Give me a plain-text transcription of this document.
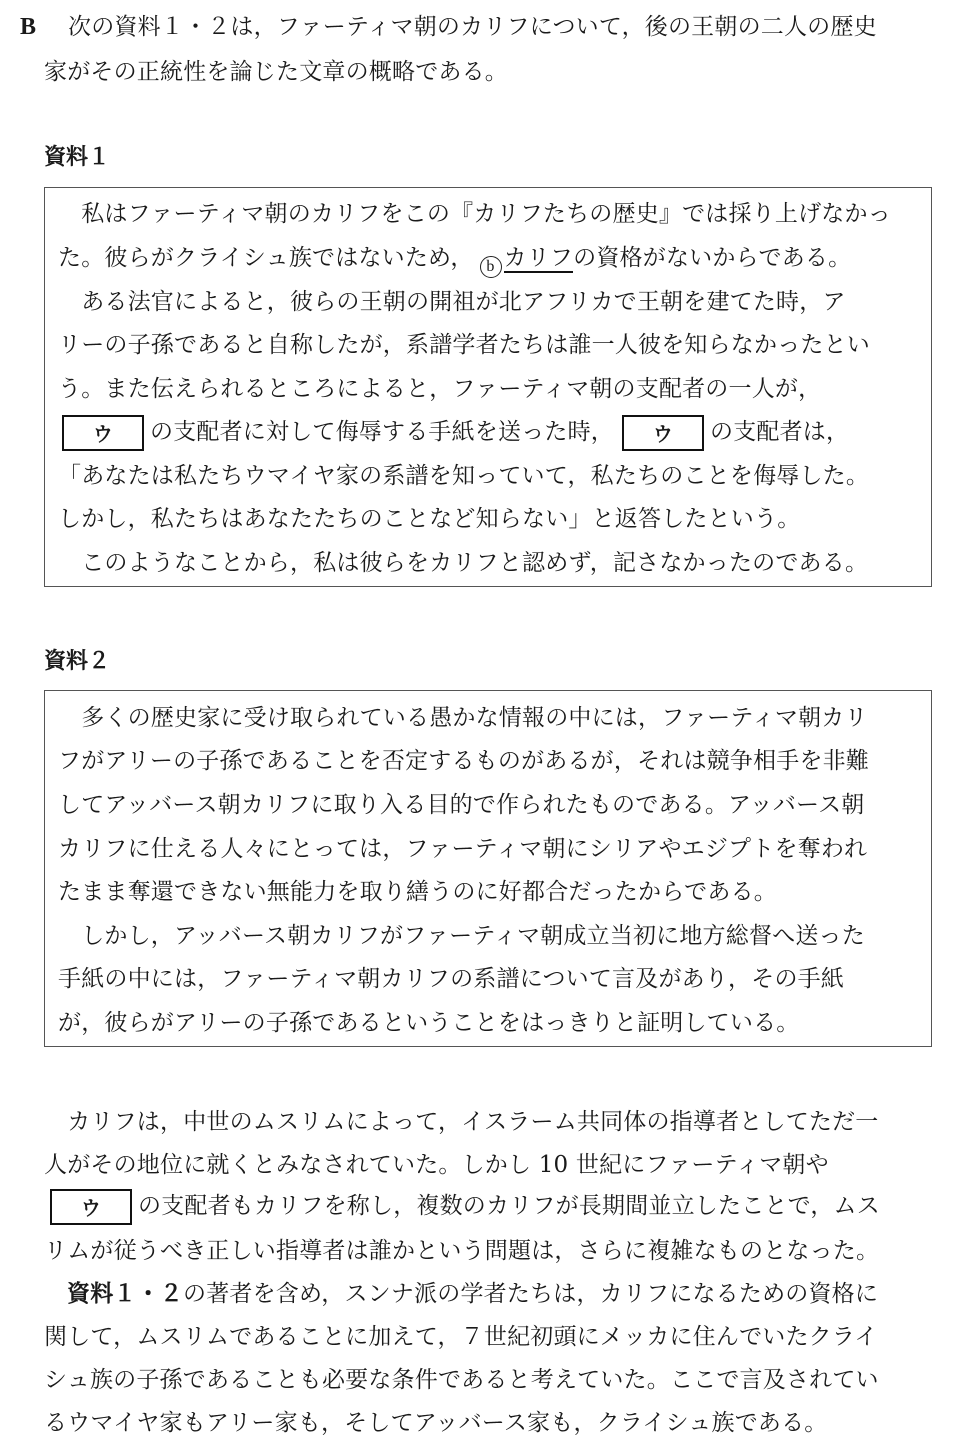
B 次の資料１・２は，ファーティマ朝のカリフについて，後の王朝の二人の歴史
家がその正統性を論じた文章の概略である。
資料１
　私はファーティマ朝のカリフをこの『カリフたちの歴史』では採り上げなかっ
た。彼らがクライシュ族ではないため， b カリフの資格がないからである。
　ある法官によると，彼らの王朝の開祖が北アフリカで王朝を建てた時，ア
リーの子孫であると自称したが，系譜学者たちは誰一人彼を知らなかったとい
う。また伝えられるところによると，ファーティマ朝の支配者の一人が，
ウ の支配者に対して侮辱する手紙を送った時， ウ の支配者は，
「あなたは私たちウマイヤ家の系譜を知っていて，私たちのことを侮辱した。
しかし，私たちはあなたたちのことなど知らない」と返答したという。
　このようなことから，私は彼らをカリフと認めず，記さなかったのである。
資料２
　多くの歴史家に受け取られている愚かな情報の中には，ファーティマ朝カリ
フがアリーの子孫であることを否定するものがあるが，それは競争相手を非難
してアッバース朝カリフに取り入る目的で作られたものである。アッバース朝
カリフに仕える人々にとっては，ファーティマ朝にシリアやエジプトを奪われ
たまま奪還できない無能力を取り繕うのに好都合だったからである。
　しかし，アッバース朝カリフがファーティマ朝成立当初に地方総督へ送った
手紙の中には，ファーティマ朝カリフの系譜について言及があり，その手紙
が，彼らがアリーの子孫であるということをはっきりと証明している。
　カリフは，中世のムスリムによって，イスラーム共同体の指導者としてただ一
人がその地位に就くとみなされていた。しかし 10 世紀にファーティマ朝や
ウ の支配者もカリフを称し，複数のカリフが長期間並立したことで，ムス
リムが従うべき正しい指導者は誰かという問題は，さらに複雑なものとなった。
資料１・２の著者を含め，スンナ派の学者たちは，カリフになるための資格に
関して，ムスリムであることに加えて，７世紀初頭にメッカに住んでいたクライ
シュ族の子孫であることも必要な条件であると考えていた。ここで言及されてい
るウマイヤ家もアリー家も，そしてアッバース家も，クライシュ族である。
